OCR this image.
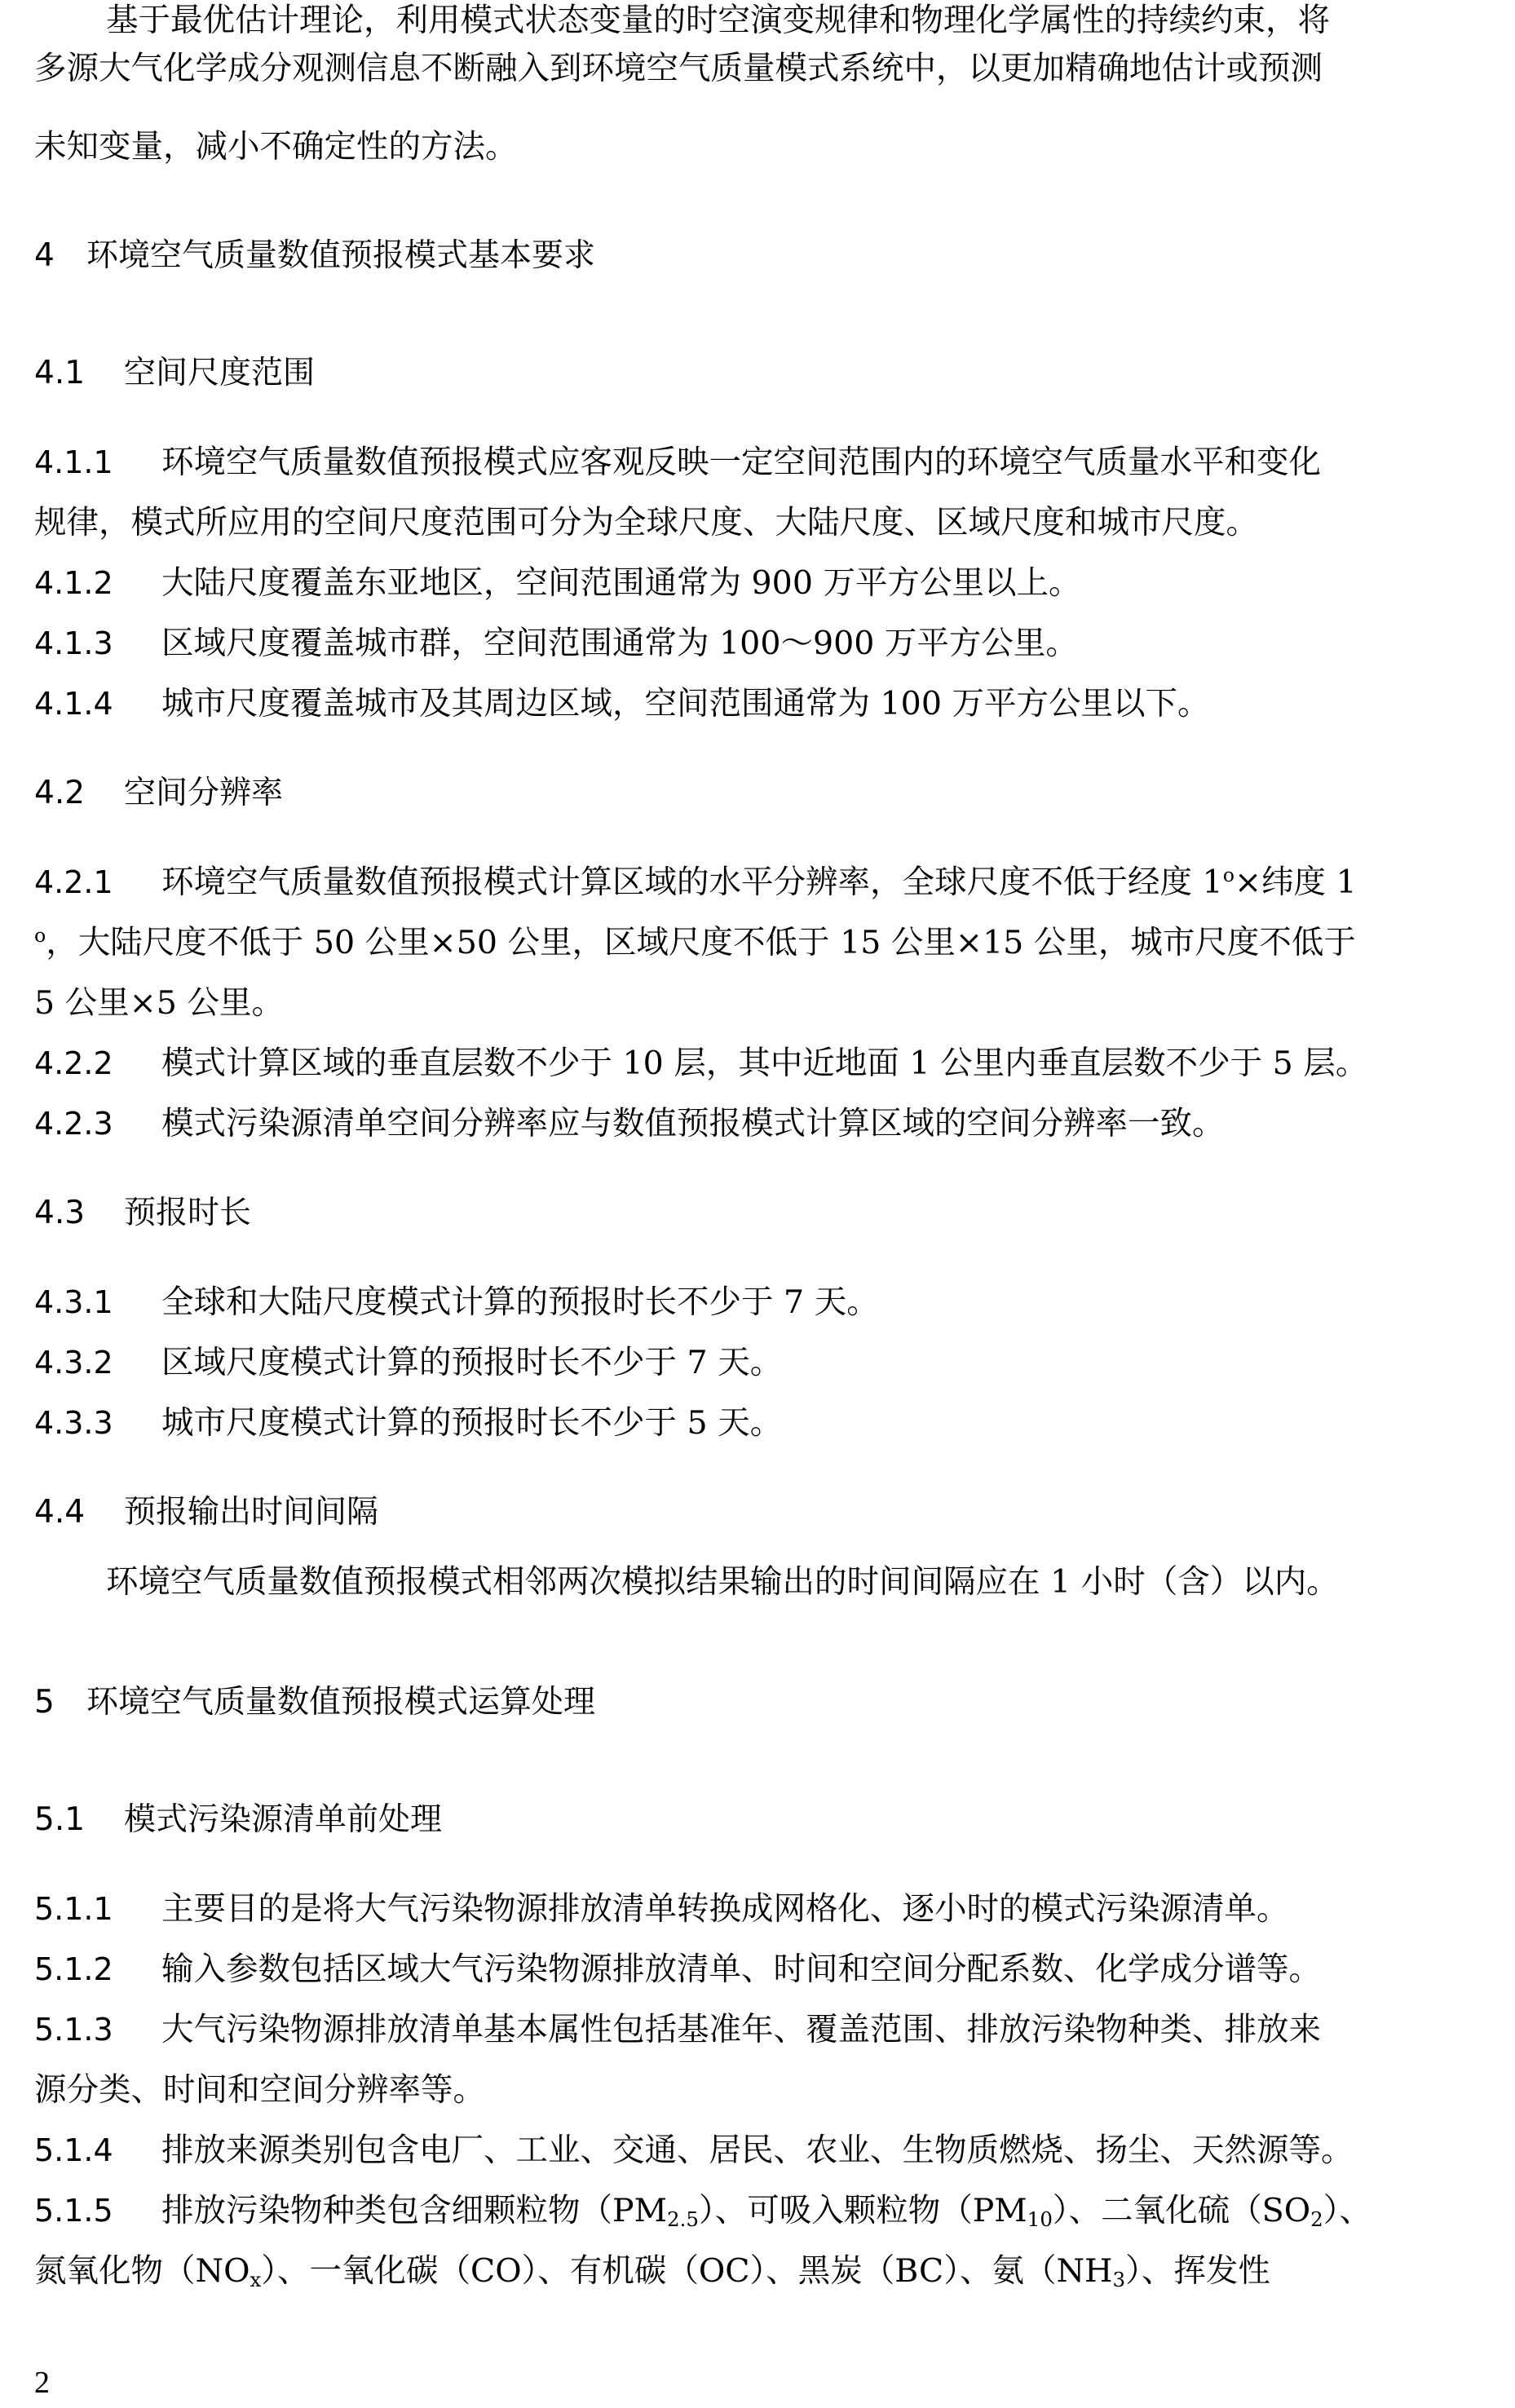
基于最优估计理论，利用模式状态变量的时空演变规律和物理化学属性的持续约束，将
多源大气化学成分观测信息不断融入到环境空气质量模式系统中，以更加精确地估计或预测
未知变量，减小不确定性的方法。
4 环境空气质量数值预报模式基本要求
4.1 空间尺度范围
4.1.1 环境空气质量数值预报模式应客观反映一定空间范围内的环境空气质量水平和变化
规律，模式所应用的空间尺度范围可分为全球尺度、大陆尺度、区域尺度和城市尺度。
4.1.2 大陆尺度覆盖东亚地区，空间范围通常为 900 万平方公里以上。
4.1.3 区域尺度覆盖城市群，空间范围通常为 100～900 万平方公里。
4.1.4 城市尺度覆盖城市及其周边区域，空间范围通常为 100 万平方公里以下。
4.2 空间分辨率
4.2.1 环境空气质量数值预报模式计算区域的水平分辨率，全球尺度不低于经度 $1^o\times$纬度 1
$^o$，大陆尺度不低于 50 公里×50 公里，区域尺度不低于 15 公里×15 公里，城市尺度不低于
5 公里×5 公里。
4.2.2 模式计算区域的垂直层数不少于 10 层，其中近地面 1 公里内垂直层数不少于 5 层。
4.2.3 模式污染源清单空间分辨率应与数值预报模式计算区域的空间分辨率一致。
4.3 预报时长
4.3.1 全球和大陆尺度模式计算的预报时长不少于 7 天。
4.3.2 区域尺度模式计算的预报时长不少于 7 天。
4.3.3 城市尺度模式计算的预报时长不少于 5 天。
4.4 预报输出时间间隔
环境空气质量数值预报模式相邻两次模拟结果输出的时间间隔应在 1 小时（含）以内。
5 环境空气质量数值预报模式运算处理
5.1 模式污染源清单前处理
5.1.1 主要目的是将大气污染物源排放清单转换成网格化、逐小时的模式污染源清单。
5.1.2 输入参数包括区域大气污染物源排放清单、时间和空间分配系数、化学成分谱等。
5.1.3 大气污染物源排放清单基本属性包括基准年、覆盖范围、排放污染物种类、排放来
源分类、时间和空间分辨率等。
5.1.4 排放来源类别包含电厂、工业、交通、居民、农业、生物质燃烧、扬尘、天然源等。
5.1.5 排放污染物种类包含细颗粒物$(PM_{2.5})$、可吸入颗粒物$(PM_{10})$、二氧化硫$(SO_2)$、
氮氧化物$(NO_x)$、一氧化碳（CO）、有机碳（OC）、黑炭（BC）、氨$(NH_3)$、挥发性
2
